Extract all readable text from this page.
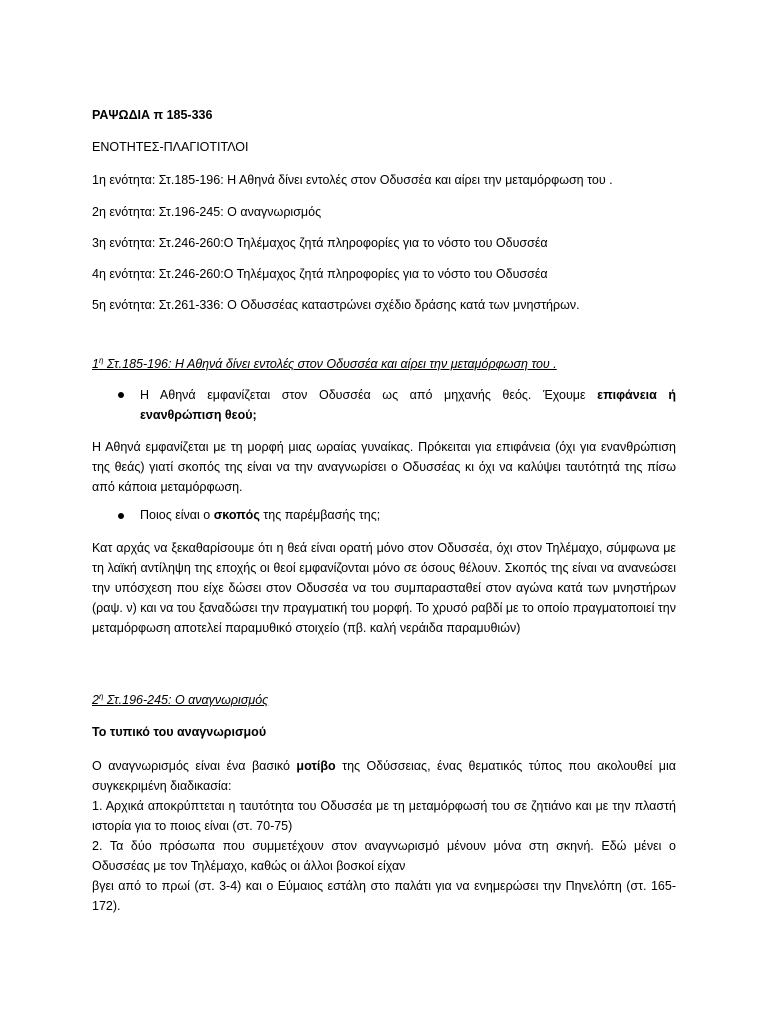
ΡΑΨΩΔΙΑ π 185-336
ΕΝΟΤΗΤΕΣ-ΠΛΑΓΙΟΤΙΤΛΟΙ
1η ενότητα: Στ.185-196: Η Αθηνά δίνει εντολές στον Οδυσσέα και αίρει την μεταμόρφωση του .
2η ενότητα: Στ.196-245: Ο αναγνωρισμός
3η ενότητα: Στ.246-260:Ο Τηλέμαχος ζητά πληροφορίες για το νόστο του Οδυσσέα
4η ενότητα: Στ.246-260:Ο Τηλέμαχος ζητά πληροφορίες για το νόστο του Οδυσσέα
5η ενότητα: Στ.261-336: Ο Οδυσσέας καταστρώνει σχέδιο δράσης κατά των μνηστήρων.
$1^\eta$ Στ.185-196: Η Αθηνά δίνει εντολές στον Οδυσσέα και αίρει την μεταμόρφωση του .

Η Αθηνά εμφανίζεται στον Οδυσσέα ως από μηχανής θεός. Έχουμε επιφάνεια ή

ενανθρώπιση θεού;

Η Αθηνά εμφανίζεται με τη μορφή μιας ωραίας γυναίκας. Πρόκειται για επιφάνεια (όχι για ενανθρώπιση της θεάς) γιατί σκοπός της είναι να την αναγνωρίσει ο Οδυσσέας κι όχι να καλύψει ταυτότητά της πίσω από κάποια μεταμόρφωση.

Ποιος είναι ο σκοπός της παρέμβασής της;

Κατ αρχάς να ξεκαθαρίσουμε ότι η θεά είναι ορατή μόνο στον Οδυσσέα, όχι στον Τηλέμαχο, σύμφωνα με τη λαϊκή αντίληψη της εποχής οι θεοί εμφανίζονται μόνο σε όσους θέλουν. Σκοπός της είναι να ανανεώσει την υπόσχεση που είχε δώσει στον Οδυσσέα να του συμπαρασταθεί στον αγώνα κατά των μνηστήρων (ραψ. ν) και να του ξαναδώσει την πραγματική του μορφή. Το χρυσό ραβδί με το οποίο πραγματοποιεί την μεταμόρφωση αποτελεί παραμυθικό στοιχείο (πβ. καλή νεράιδα παραμυθιών)

$2^\eta$ Στ.196-245: Ο αναγνωρισμός
Το τυπικό του αναγνωρισμού

Ο αναγνωρισμός είναι ένα βασικό μοτίβο της Οδύσσειας, ένας θεματικός τύπος που ακολουθεί μια συγκεκριμένη διαδικασία:

1. Αρχικά αποκρύπτεται η ταυτότητα του Οδυσσέα με τη μεταμόρφωσή του σε ζητιάνο και με την πλαστή ιστορία για το ποιος είναι (στ. 70-75)

2. Τα δύο πρόσωπα που συμμετέχουν στον αναγνωρισμό μένουν μόνα στη σκηνή. Εδώ μένει ο Οδυσσέας με τον Τηλέμαχο, καθώς οι άλλοι βοσκοί είχαν

βγει από το πρωί (στ. 3-4) και ο Εύμαιος εστάλη στο παλάτι για να ενημερώσει την Πηνελόπη (στ. 165-172).
